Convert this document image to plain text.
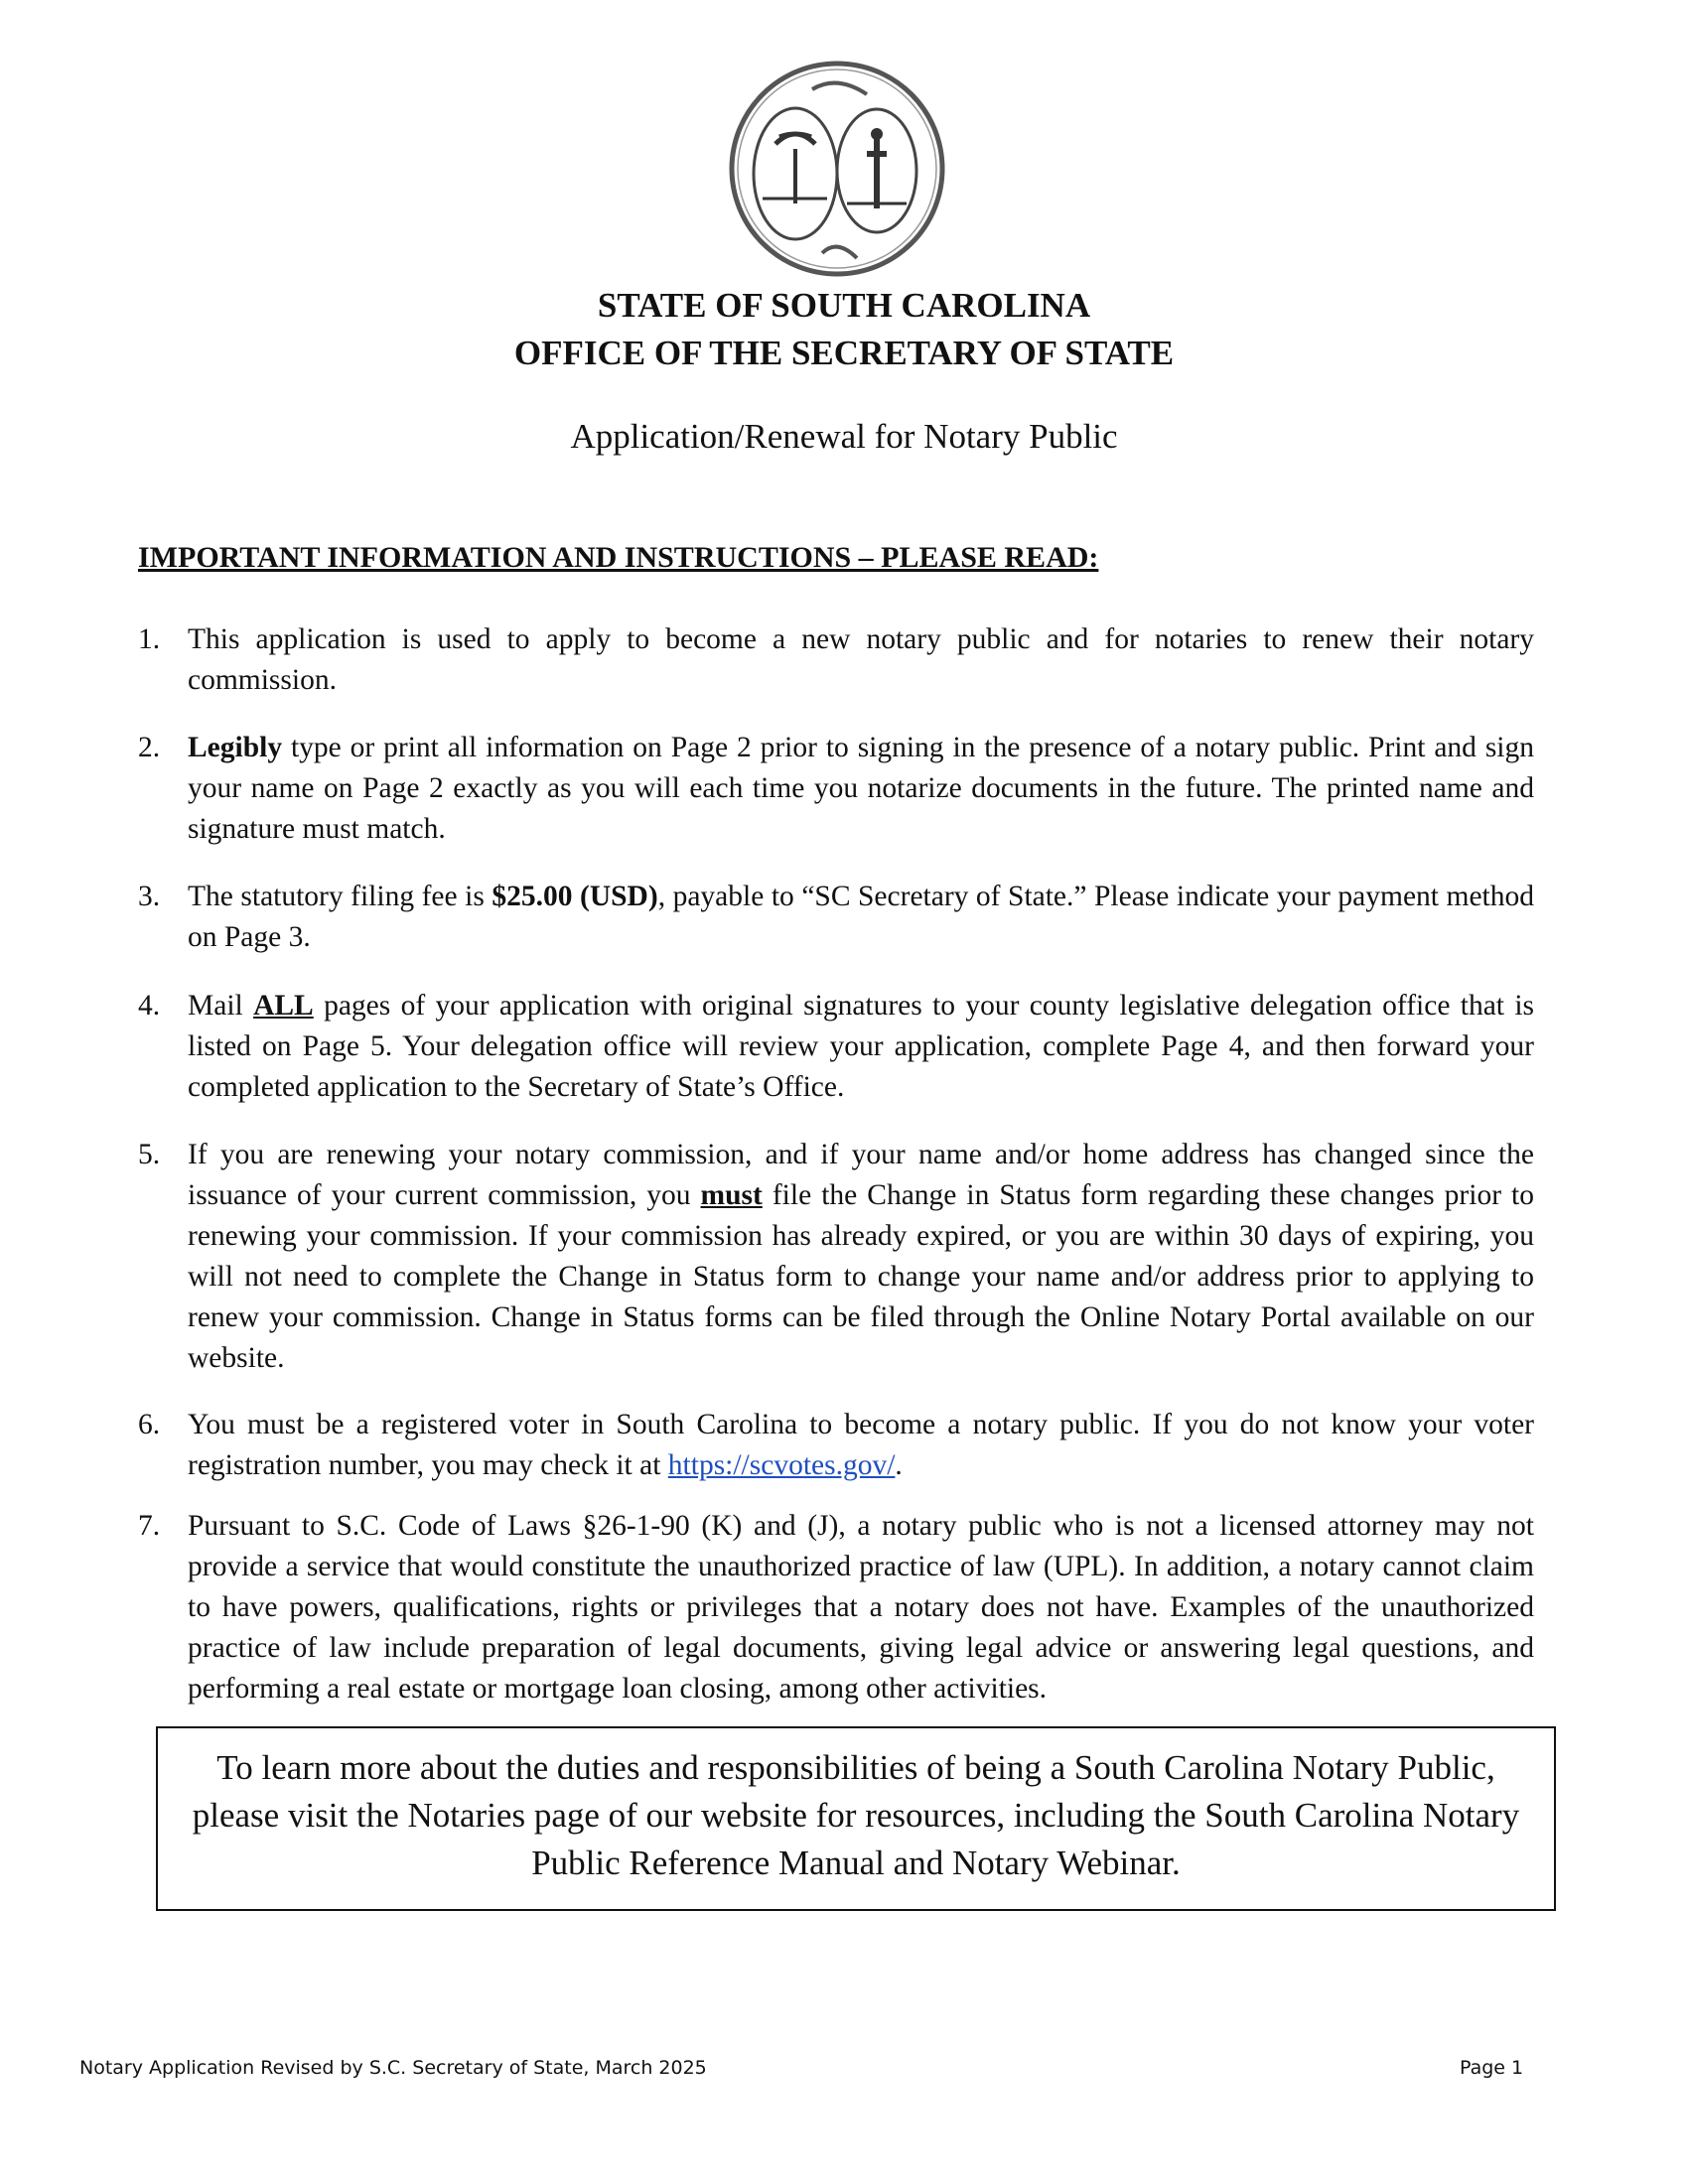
STATE OF SOUTH CAROLINA
OFFICE OF THE SECRETARY OF STATE
Application/Renewal for Notary Public
IMPORTANT INFORMATION AND INSTRUCTIONS – PLEASE READ:
1. This application is used to apply to become a new notary public and for notaries to renew their notary commission.
2. Legibly type or print all information on Page 2 prior to signing in the presence of a notary public. Print and sign your name on Page 2 exactly as you will each time you notarize documents in the future. The printed name and signature must match.
3. The statutory filing fee is $25.00 (USD), payable to “SC Secretary of State.” Please indicate your payment method on Page 3.
4. Mail ALL pages of your application with original signatures to your county legislative delegation office that is listed on Page 5. Your delegation office will review your application, complete Page 4, and then forward your completed application to the Secretary of State’s Office.
5. If you are renewing your notary commission, and if your name and/or home address has changed since the issuance of your current commission, you must file the Change in Status form regarding these changes prior to renewing your commission. If your commission has already expired, or you are within 30 days of expiring, you will not need to complete the Change in Status form to change your name and/or address prior to applying to renew your commission. Change in Status forms can be filed through the Online Notary Portal available on our website.
6. You must be a registered voter in South Carolina to become a notary public. If you do not know your voter registration number, you may check it at https://scvotes.gov/.
7. Pursuant to S.C. Code of Laws §26-1-90 (K) and (J), a notary public who is not a licensed attorney may not provide a service that would constitute the unauthorized practice of law (UPL). In addition, a notary cannot claim to have powers, qualifications, rights or privileges that a notary does not have. Examples of the unauthorized practice of law include preparation of legal documents, giving legal advice or answering legal questions, and performing a real estate or mortgage loan closing, among other activities.
To learn more about the duties and responsibilities of being a South Carolina Notary Public, please visit the Notaries page of our website for resources, including the South Carolina Notary Public Reference Manual and Notary Webinar.
Notary Application Revised by S.C. Secretary of State, March 2025	Page 1
